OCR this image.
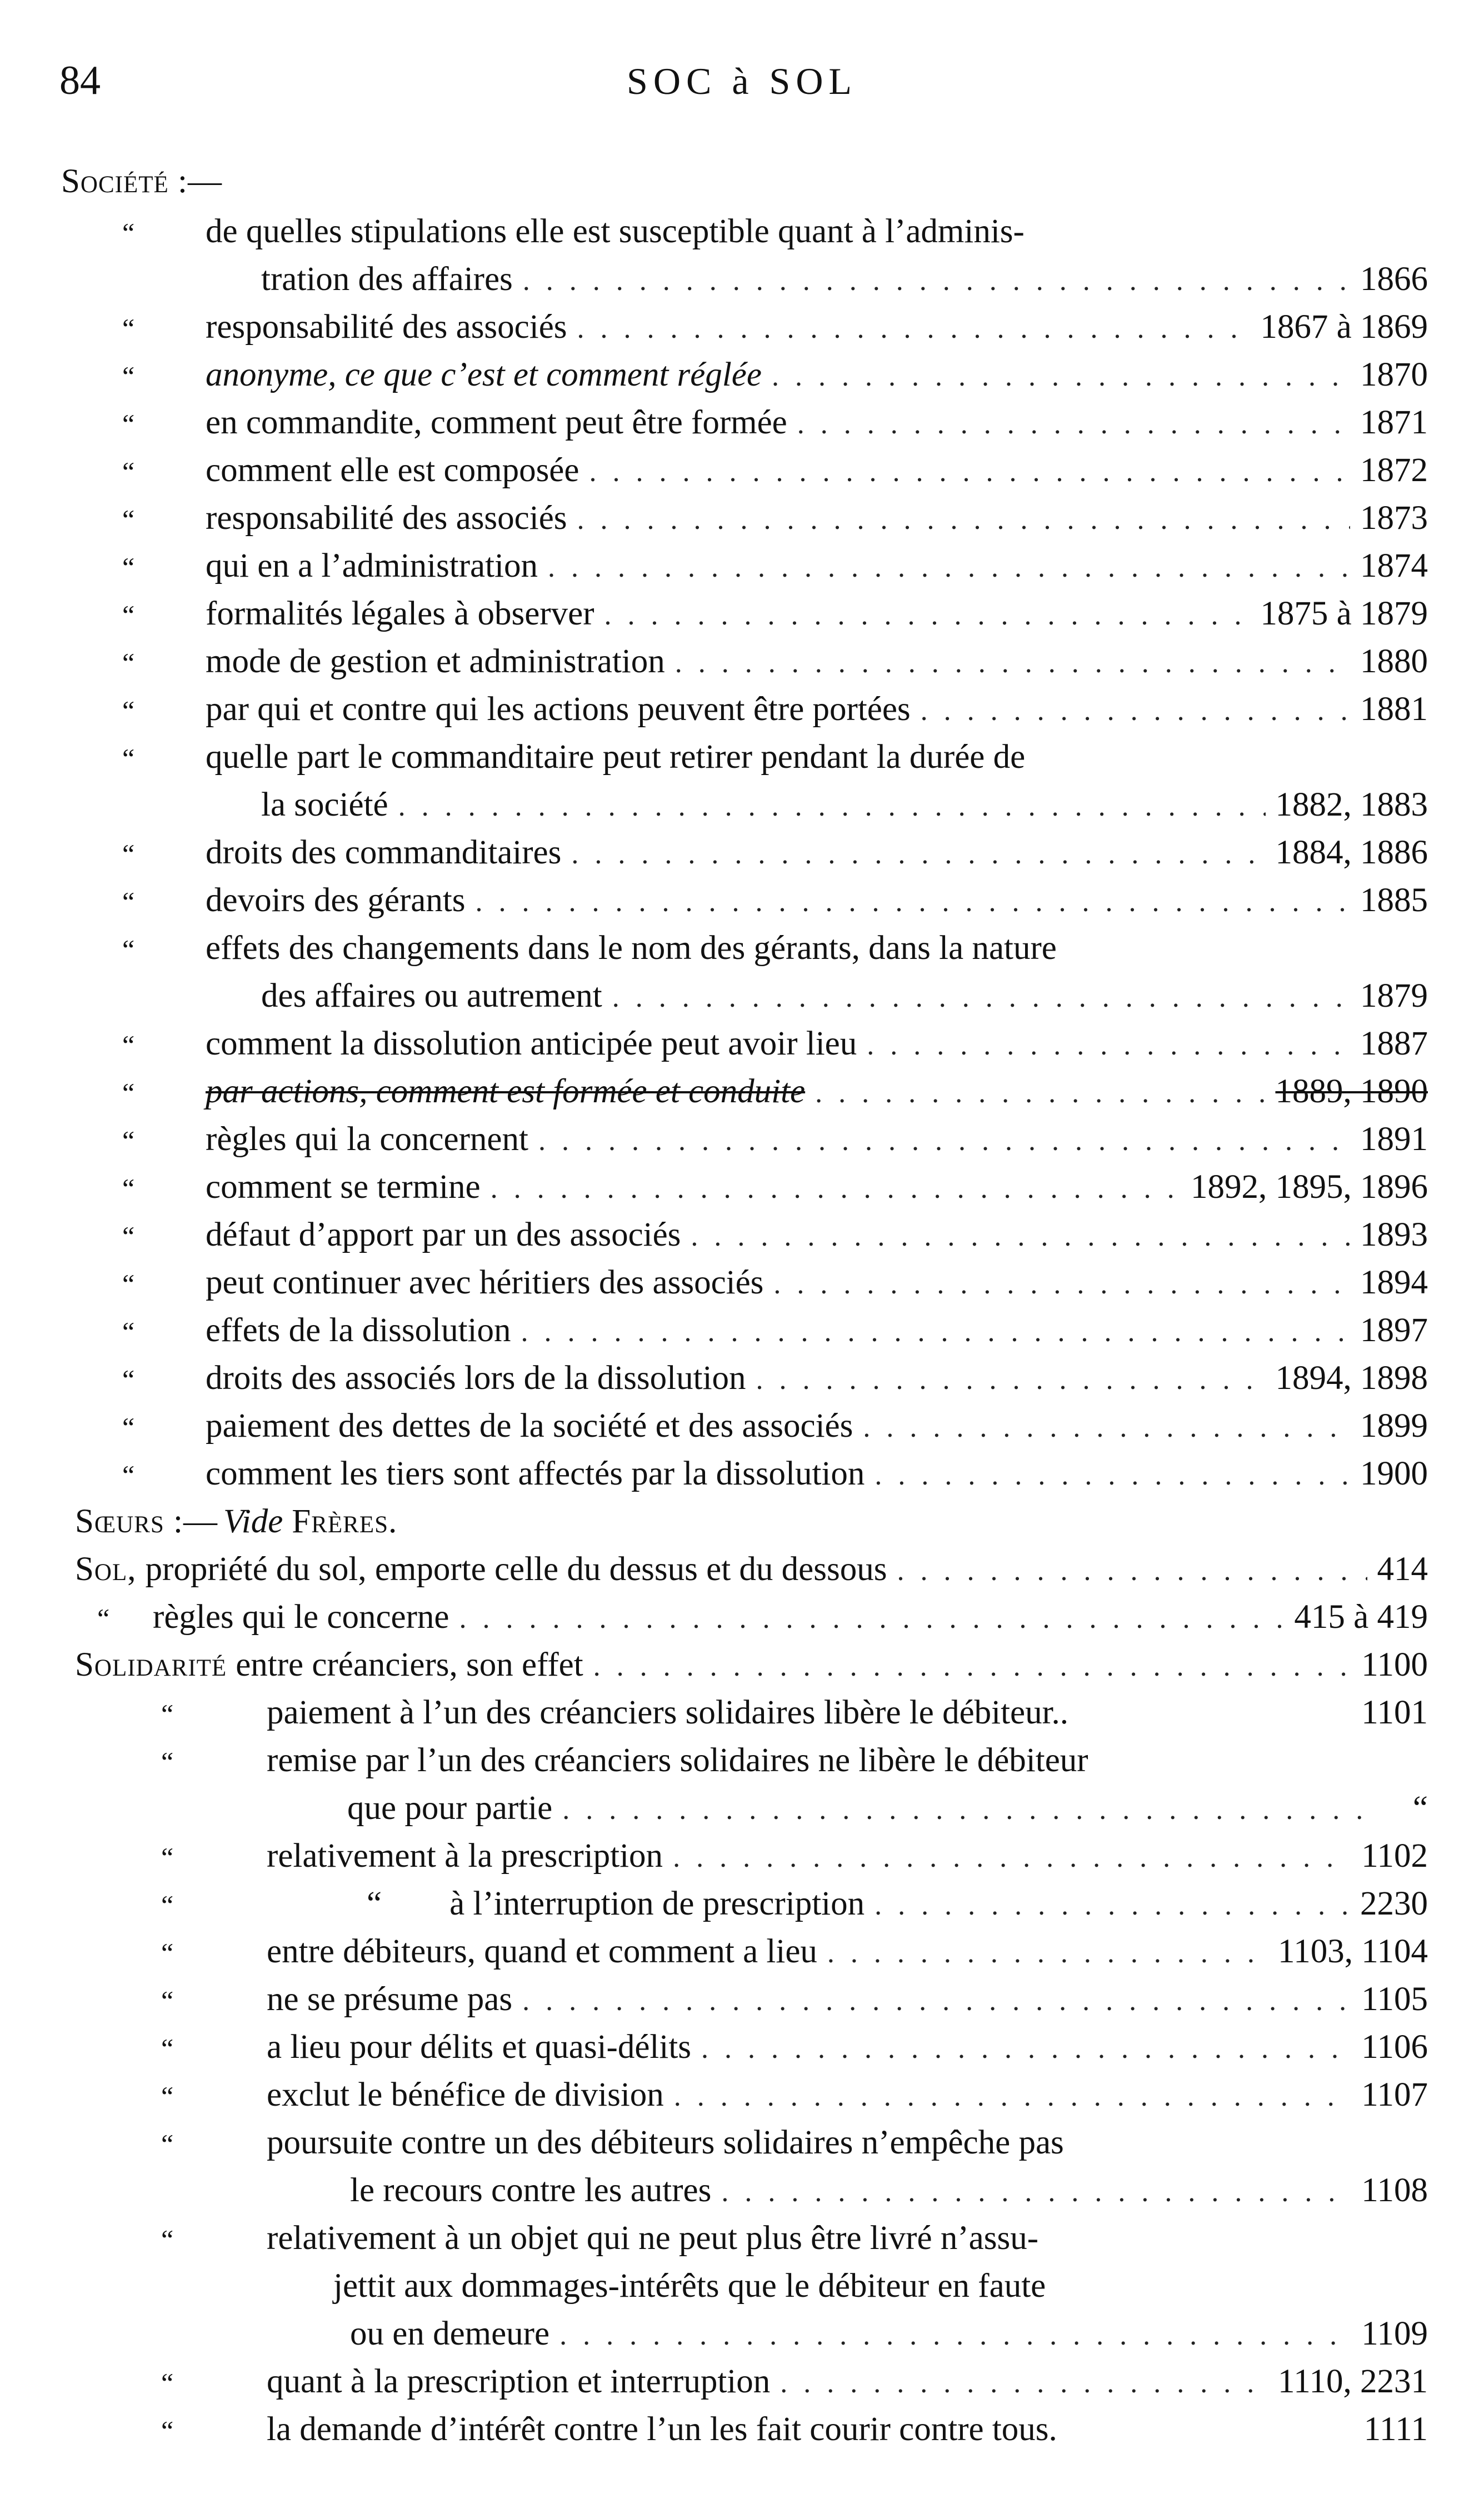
84	SOC à SOL
Société :—
“	de quelles stipulations elle est susceptible quant à l’adminis-
tration des affaires . . .	1866
“	responsabilité des associés . . .	1867 à 1869
“	anonyme, ce que c’est et comment réglée . . .	1870
“	en commandite, comment peut être formée . . .	1871
“	comment elle est composée . . .	1872
“	responsabilité des associés . . .	1873
“	qui en a l’administration . . .	1874
“	formalités légales à observer . . .	1875 à 1879
“	mode de gestion et administration . . .	1880
“	par qui et contre qui les actions peuvent être portées . . .	1881
“	quelle part le commanditaire peut retirer pendant la durée de
la société . . .	1882, 1883
“	droits des commanditaires . . .	1884, 1886
“	devoirs des gérants . . .	1885
“	effets des changements dans le nom des gérants, dans la nature
des affaires ou autrement . . .	1879
“	comment la dissolution anticipée peut avoir lieu . . .	1887
“	par actions, comment est formée et conduite . . .	1889, 1890
“	règles qui la concernent . . .	1891
“	comment se termine . . .	1892, 1895, 1896
“	défaut d’apport par un des associés . . .	1893
“	peut continuer avec héritiers des associés . . .	1894
“	effets de la dissolution . . .	1897
“	droits des associés lors de la dissolution . . .	1894, 1898
“	paiement des dettes de la société et des associés . . .	1899
“	comment les tiers sont affectés par la dissolution . . .	1900
Sœurs :— Vide Frères.
Sol, propriété du sol, emporte celle du dessus et du dessous . . .	414
“	règles qui le concerne . . .	415 à 419
Solidarité entre créanciers, son effet . . .	1100
“	paiement à l’un des créanciers solidaires libère le débiteur..	1101
“	remise par l’un des créanciers solidaires ne libère le débiteur
que pour partie . . .	“
“	relativement à la prescription . . .	1102
“	“        à l’interruption de prescription . . .	2230
“	entre débiteurs, quand et comment a lieu . . .	1103, 1104
“	ne se présume pas . . .	1105
“	a lieu pour délits et quasi-délits . . .	1106
“	exclut le bénéfice de division . . .	1107
“	poursuite contre un des débiteurs solidaires n’empêche pas
le recours contre les autres . . .	1108
“	relativement à un objet qui ne peut plus être livré n’assu-
jettit aux dommages-intérêts que le débiteur en faute
ou en demeure . . .	1109
“	quant à la prescription et interruption . . .	1110, 2231
“	la demande d’intérêt contre l’un les fait courir contre tous.	1111
